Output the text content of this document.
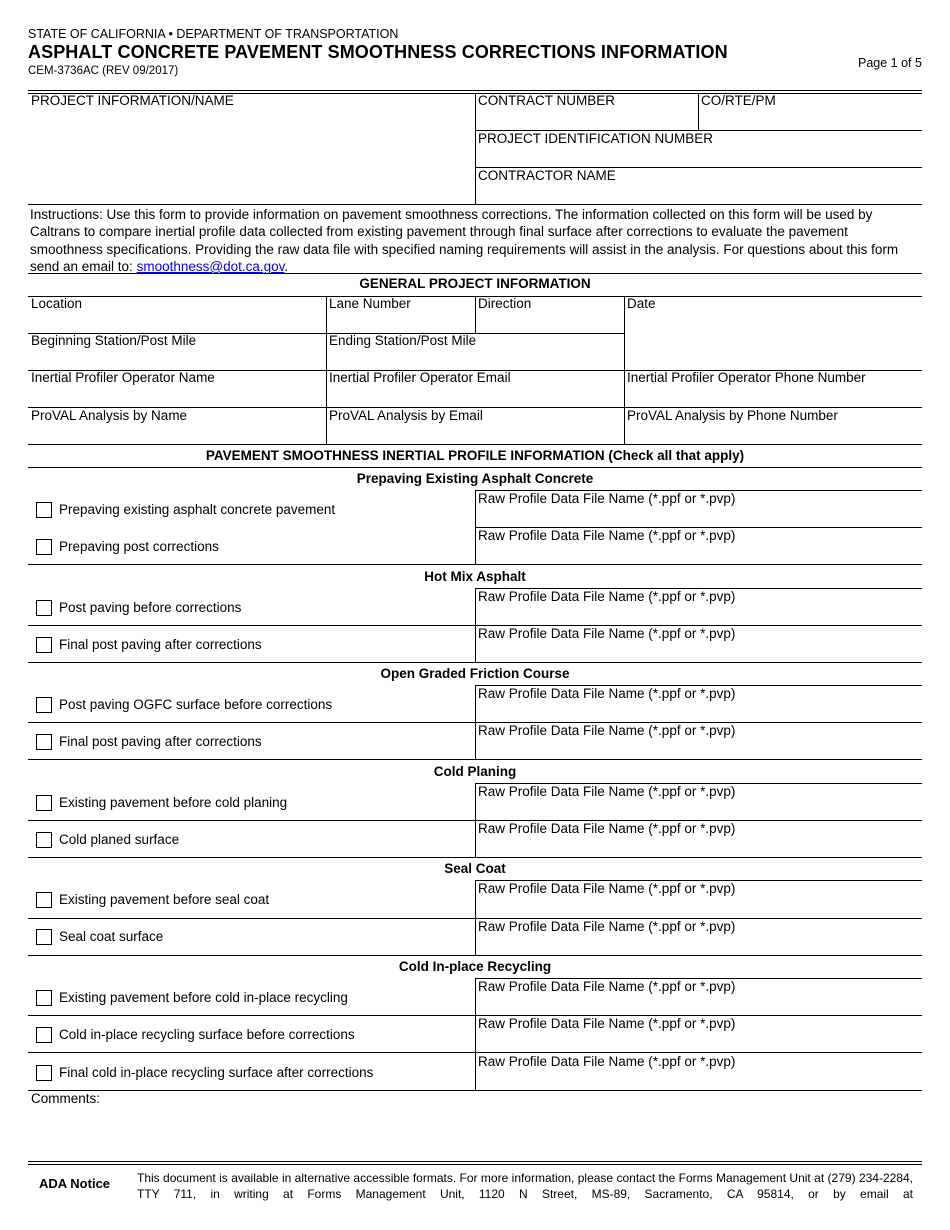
STATE OF CALIFORNIA • DEPARTMENT OF TRANSPORTATION
ASPHALT CONCRETE PAVEMENT SMOOTHNESS CORRECTIONS INFORMATION
CEM-3736AC (REV 09/2017)
Page 1 of 5
PROJECT INFORMATION/NAME	CONTRACT NUMBER	CO/RTE/PM
PROJECT IDENTIFICATION NUMBER
CONTRACTOR NAME
Instructions: Use this form to provide information on pavement smoothness corrections. The information collected on this form will be used by Caltrans to compare inertial profile data collected from existing pavement through final surface after corrections to evaluate the pavement smoothness specifications. Providing the raw data file with specified naming requirements will assist in the analysis. For questions about this form send an email to: smoothness@dot.ca.gov.
GENERAL PROJECT INFORMATION
Location	Lane Number	Direction	Date
Beginning Station/Post Mile	Ending Station/Post Mile
Inertial Profiler Operator Name	Inertial Profiler Operator Email	Inertial Profiler Operator Phone Number
ProVAL Analysis by Name	ProVAL Analysis by Email	ProVAL Analysis by Phone Number
PAVEMENT SMOOTHNESS INERTIAL PROFILE INFORMATION (Check all that apply)
Prepaving Existing Asphalt Concrete
Prepaving existing asphalt concrete pavement
Raw Profile Data File Name (*.ppf or *.pvp)
Prepaving post corrections
Raw Profile Data File Name (*.ppf or *.pvp)
Hot Mix Asphalt
Post paving before corrections
Raw Profile Data File Name (*.ppf or *.pvp)
Final post paving after corrections
Raw Profile Data File Name (*.ppf or *.pvp)
Open Graded Friction Course
Post paving OGFC surface before corrections
Raw Profile Data File Name (*.ppf or *.pvp)
Final post paving after corrections
Raw Profile Data File Name (*.ppf or *.pvp)
Cold Planing
Existing pavement before cold planing
Raw Profile Data File Name (*.ppf or *.pvp)
Cold planed surface
Raw Profile Data File Name (*.ppf or *.pvp)
Seal Coat
Existing pavement before seal coat
Raw Profile Data File Name (*.ppf or *.pvp)
Seal coat surface
Raw Profile Data File Name (*.ppf or *.pvp)
Cold In-place Recycling
Existing pavement before cold in-place recycling
Raw Profile Data File Name (*.ppf or *.pvp)
Cold in-place recycling surface before corrections
Raw Profile Data File Name (*.ppf or *.pvp)
Final cold in-place recycling surface after corrections
Raw Profile Data File Name (*.ppf or *.pvp)
Comments:
ADA Notice This document is available in alternative accessible formats. For more information, please contact the Forms Management Unit at (279) 234-2284,
TTY 711, in writing at Forms Management Unit, 1120 N Street, MS-89, Sacramento, CA 95814, or by email at
